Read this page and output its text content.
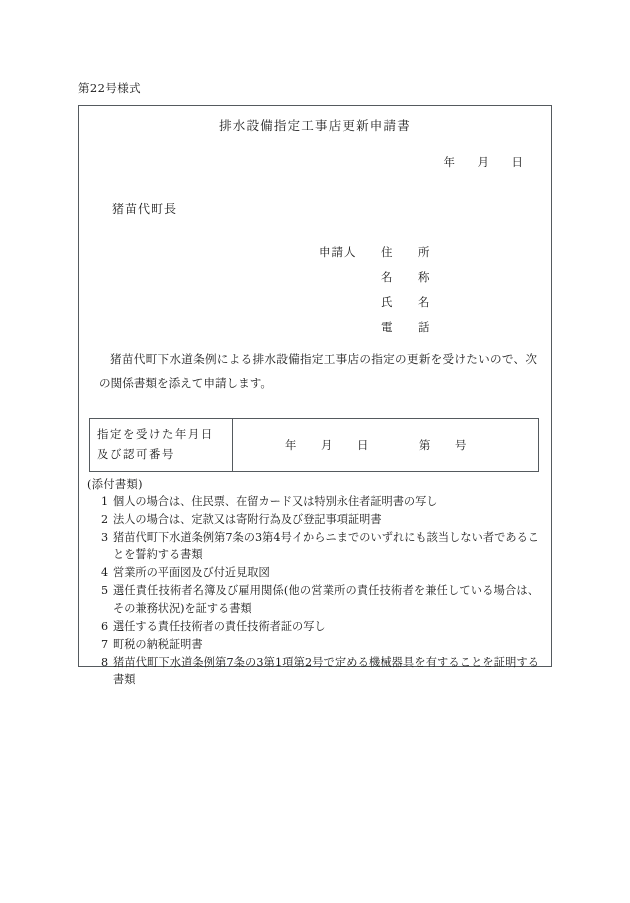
第22号様式
排水設備指定工事店更新申請書
年 月 日
猪苗代町長
申請人	住　所
名　称
氏　名
電　話
猪苗代町下水道条例による排水設備指定工事店の指定の更新を受けたいので、次の関係書類を添えて申請します。
指定を受けた年月日
及び認可番号
	年 月 日	第 号
(添付書類)
1 個人の場合は、住民票、在留カード又は特別永住者証明書の写し
2 法人の場合は、定款又は寄附行為及び登記事項証明書
3 猪苗代町下水道条例第7条の3第4号イからニまでのいずれにも該当しない者であることを誓約する書類
4 営業所の平面図及び付近見取図
5 選任責任技術者名簿及び雇用関係(他の営業所の責任技術者を兼任している場合は、その兼務状況)を証する書類
6 選任する責任技術者の責任技術者証の写し
7 町税の納税証明書
8 猪苗代町下水道条例第7条の3第1項第2号で定める機械器具を有することを証明する書類
